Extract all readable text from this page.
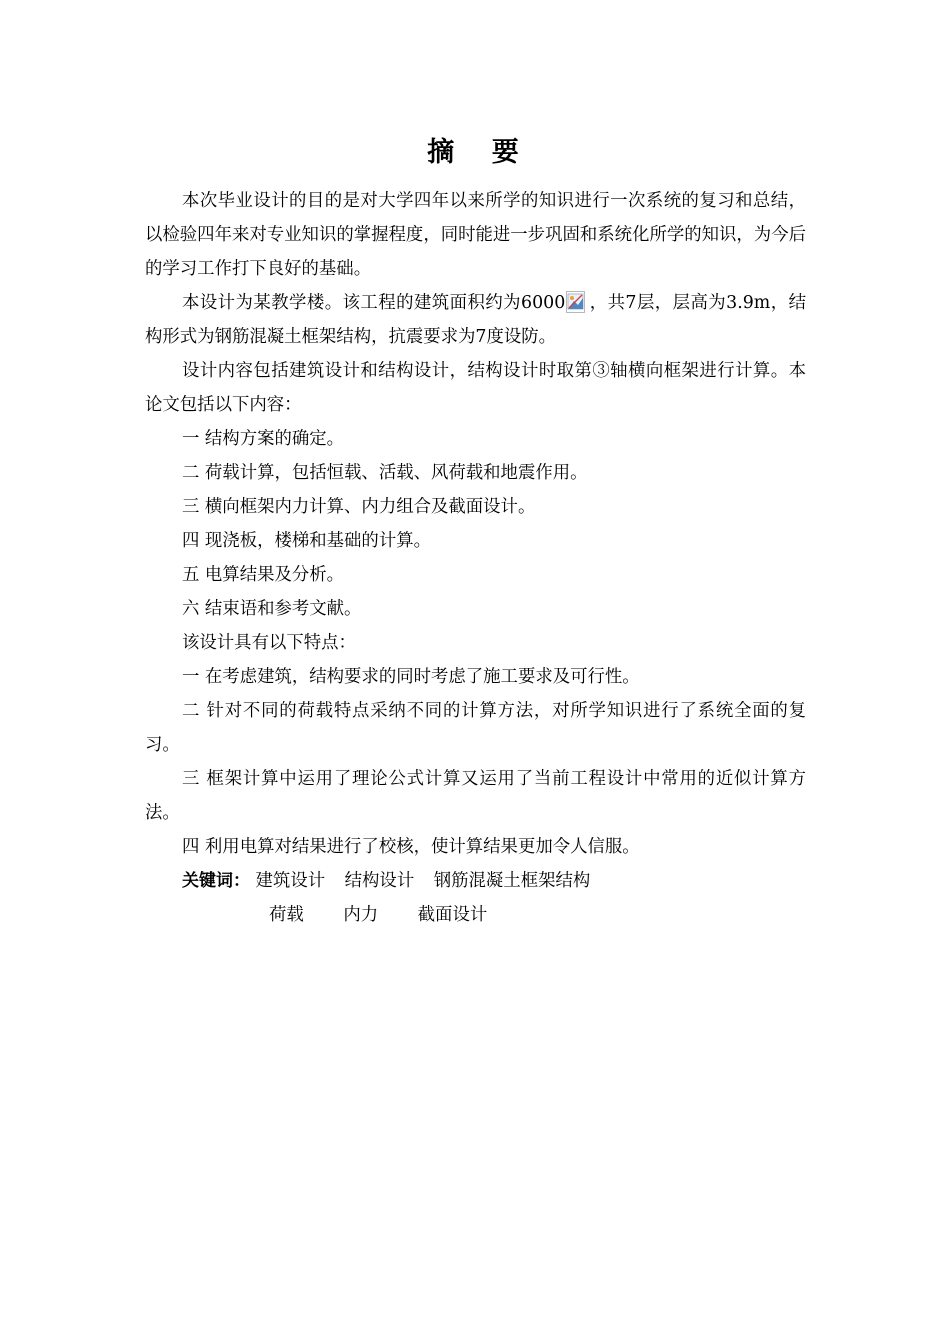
摘 要

本次毕业设计的目的是对大学四年以来所学的知识进行一次系统的复习和总结，以检验四年来对专业知识的掌握程度，同时能进一步巩固和系统化所学的知识，为今后的学习工作打下良好的基础。

本设计为某教学楼。该工程的建筑面积约为6000 ，共7层，层高为3.9m，结构形式为钢筋混凝土框架结构，抗震要求为7度设防。

设计内容包括建筑设计和结构设计，结构设计时取第③轴横向框架进行计算。本论文包括以下内容：

一 结构方案的确定。

二 荷载计算，包括恒载、活载、风荷载和地震作用。

三 横向框架内力计算、内力组合及截面设计。

四 现浇板，楼梯和基础的计算。

五 电算结果及分析。

六 结束语和参考文献。

该设计具有以下特点：

一 在考虑建筑，结构要求的同时考虑了施工要求及可行性。

二 针对不同的荷载特点采纳不同的计算方法，对所学知识进行了系统全面的复习。

三 框架计算中运用了理论公式计算又运用了当前工程设计中常用的近似计算方法。

四 利用电算对结果进行了校核，使计算结果更加令人信服。

关键词： 建筑设计 结构设计 钢筋混凝土框架结构

荷载 内力 截面设计
